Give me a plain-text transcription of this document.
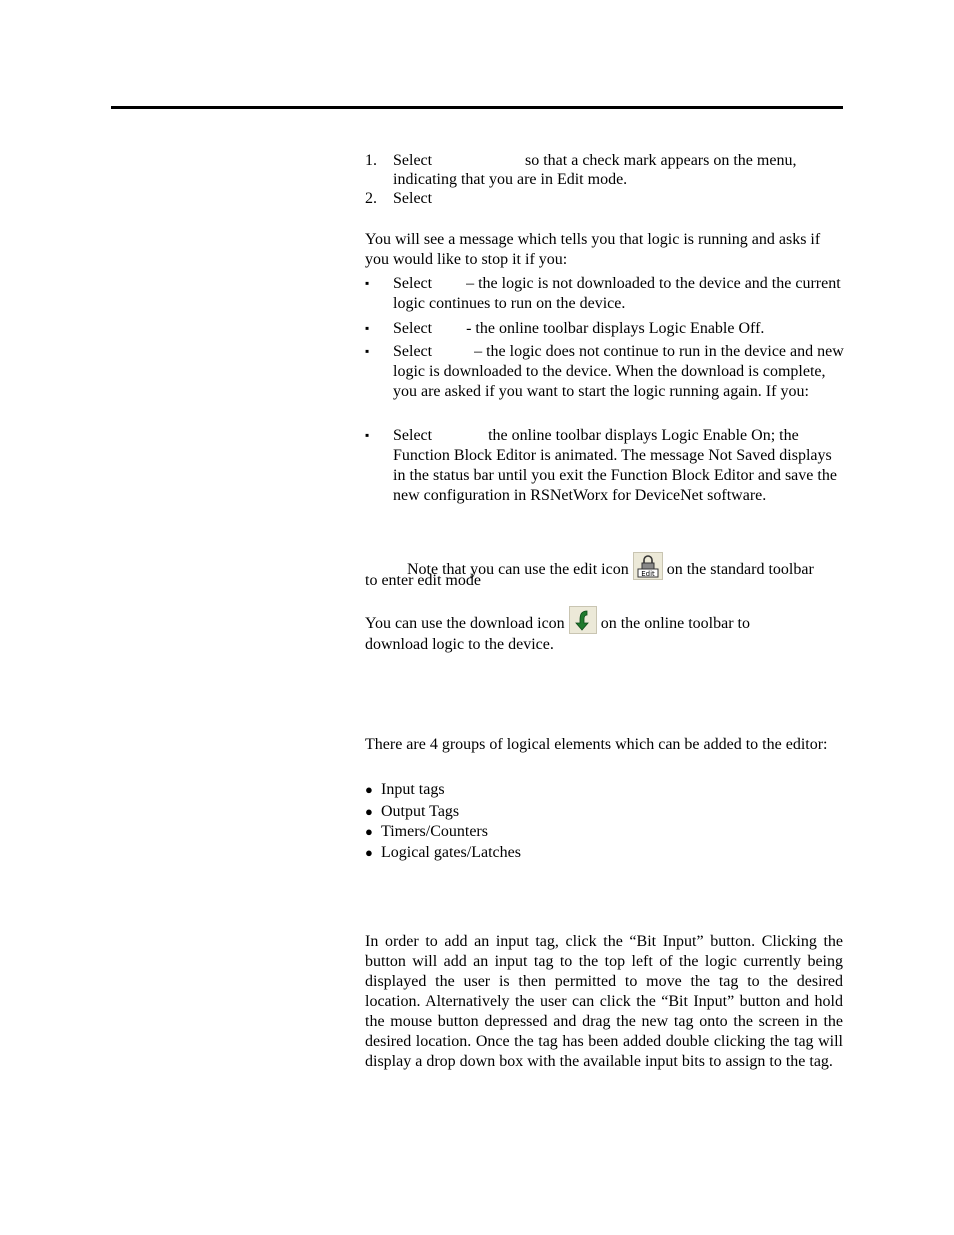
1. Select	so that a check mark appears on the menu,
indicating that you are in Edit mode.
2. Select
You will see a message which tells you that logic is running and asks if you would like to stop it if you:
▪
Select – the logic is not downloaded to the device and the current logic continues to run on the device.
▪
Select - the online toolbar displays Logic Enable Off.
▪
Select	– the logic does not continue to run in the device and new logic is downloaded to the device. When the download is complete, you are asked if you want to start the logic running again. If you:
▪
Select	the online toolbar displays Logic Enable On; the Function Block Editor is animated. The message Not Saved displays in the status bar until you exit the Function Block Editor and save the new configuration in RSNetWorx for DeviceNet software.
Note that you can use the edit icon Edit on the standard toolbar
to enter edit mode
You can use the download icon on the online toolbar to
download logic to the device.
There are 4 groups of logical elements which can be added to the editor:
● Input tags
● Output Tags
● Timers/Counters
● Logical gates/Latches
In order to add an input tag, click the “Bit Input” button. Clicking the button will add an input tag to the top left of the logic currently being displayed the user is then permitted to move the tag to the desired location. Alternatively the user can click the “Bit Input” button and hold the mouse button depressed and drag the new tag onto the screen in the desired location. Once the tag has been added double clicking the tag will display a drop down box with the available input bits to assign to the tag.
